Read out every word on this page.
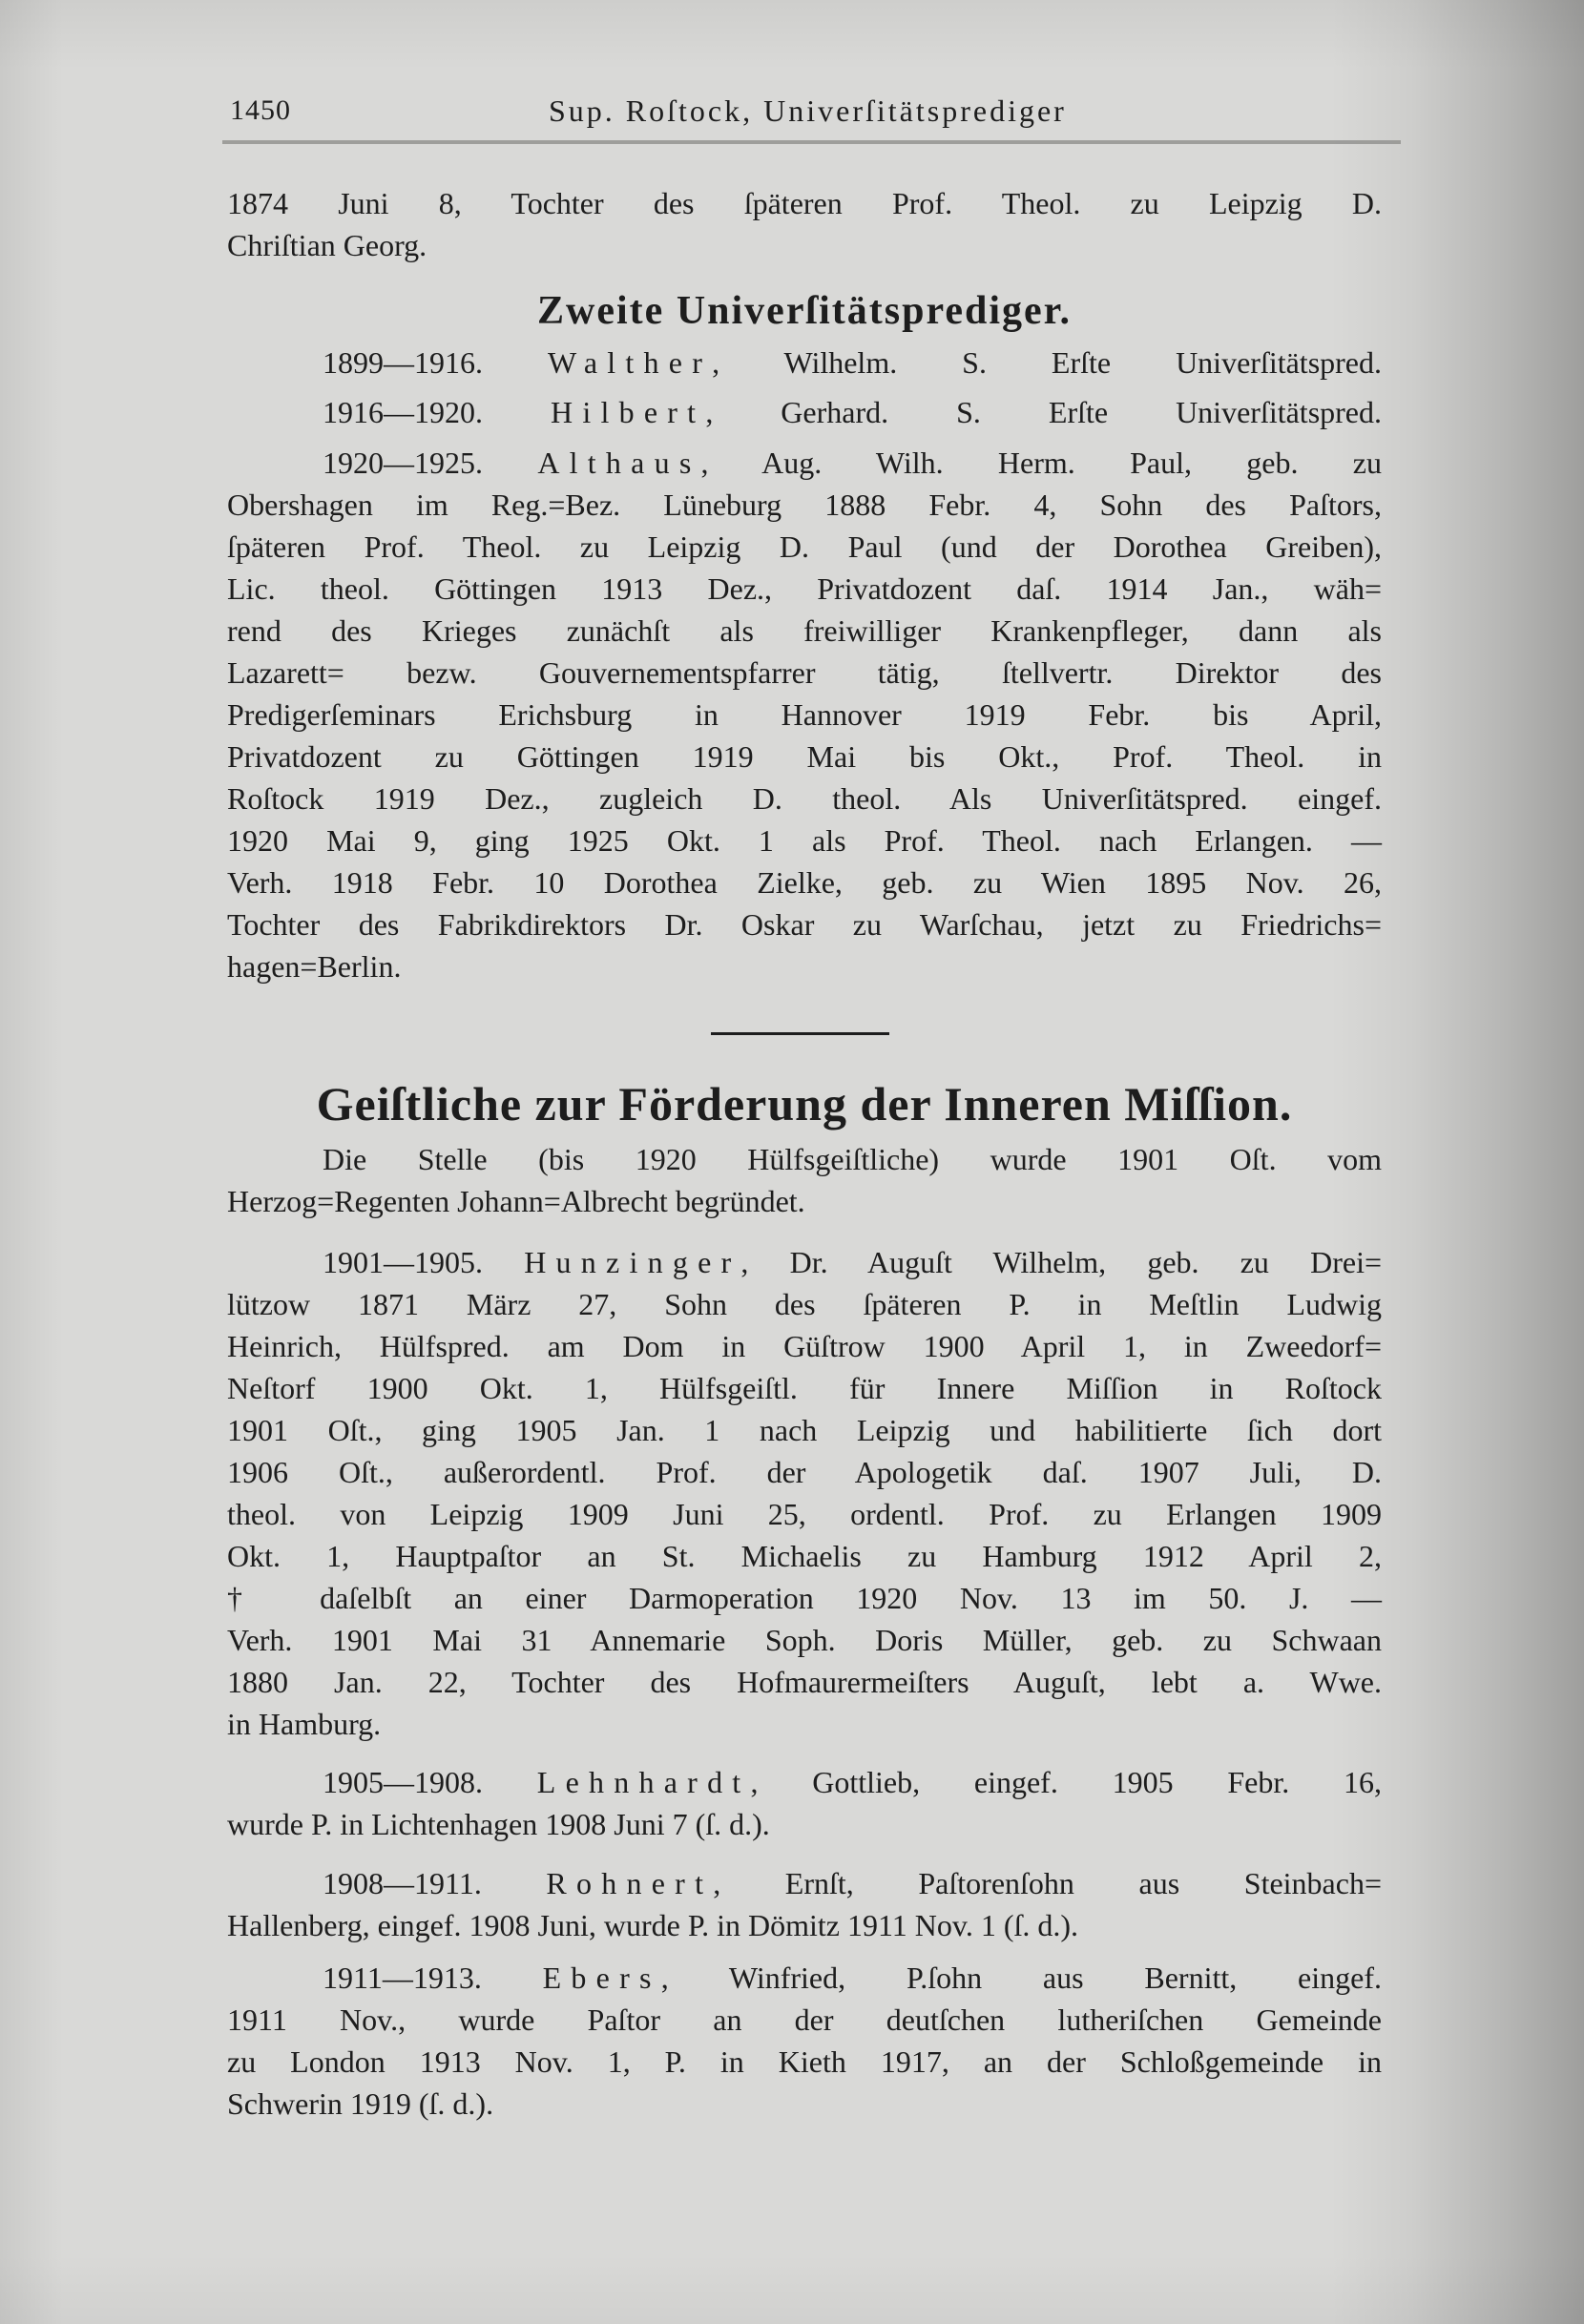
1450	Sup. Roſtock, Univerſitätsprediger
1874 Juni 8, Tochter des ſpäteren Prof. Theol. zu Leipzig D.
Chriſtian Georg.
Zweite Univerſitätsprediger.
1899—1916. Walther, Wilhelm. S. Erſte Univerſitätspred.
1916—1920. Hilbert, Gerhard. S. Erſte Univerſitätspred.
1920—1925. Althaus, Aug. Wilh. Herm. Paul, geb. zu
Obershagen im Reg.=Bez. Lüneburg 1888 Febr. 4, Sohn des Paſtors,
ſpäteren Prof. Theol. zu Leipzig D. Paul (und der Dorothea Greiben),
Lic. theol. Göttingen 1913 Dez., Privatdozent daſ. 1914 Jan., wäh=
rend des Krieges zunächſt als freiwilliger Krankenpfleger, dann als
Lazarett= bezw. Gouvernementspfarrer tätig, ſtellvertr. Direktor des
Predigerſeminars Erichsburg in Hannover 1919 Febr. bis April,
Privatdozent zu Göttingen 1919 Mai bis Okt., Prof. Theol. in
Roſtock 1919 Dez., zugleich D. theol. Als Univerſitätspred. eingef.
1920 Mai 9, ging 1925 Okt. 1 als Prof. Theol. nach Erlangen. —
Verh. 1918 Febr. 10 Dorothea Zielke, geb. zu Wien 1895 Nov. 26,
Tochter des Fabrikdirektors Dr. Oskar zu Warſchau, jetzt zu Friedrichs=
hagen=Berlin.
Geiſtliche zur Förderung der Inneren Miſſion.
Die Stelle (bis 1920 Hülfsgeiſtliche) wurde 1901 Oſt. vom
Herzog=Regenten Johann=Albrecht begründet.
1901—1905. Hunzinger, Dr. Auguſt Wilhelm, geb. zu Drei=
lützow 1871 März 27, Sohn des ſpäteren P. in Meſtlin Ludwig
Heinrich, Hülfspred. am Dom in Güſtrow 1900 April 1, in Zweedorf=
Neſtorf 1900 Okt. 1, Hülfsgeiſtl. für Innere Miſſion in Roſtock
1901 Oſt., ging 1905 Jan. 1 nach Leipzig und habilitierte ſich dort
1906 Oſt., außerordentl. Prof. der Apologetik daſ. 1907 Juli, D.
theol. von Leipzig 1909 Juni 25, ordentl. Prof. zu Erlangen 1909
Okt. 1, Hauptpaſtor an St. Michaelis zu Hamburg 1912 April 2,
† daſelbſt an einer Darmoperation 1920 Nov. 13 im 50. J. —
Verh. 1901 Mai 31 Annemarie Soph. Doris Müller, geb. zu Schwaan
1880 Jan. 22, Tochter des Hofmaurermeiſters Auguſt, lebt a. Wwe.
in Hamburg.
1905—1908. Lehnhardt, Gottlieb, eingef. 1905 Febr. 16,
wurde P. in Lichtenhagen 1908 Juni 7 (ſ. d.).
1908—1911. Rohnert, Ernſt, Paſtorenſohn aus Steinbach=
Hallenberg, eingef. 1908 Juni, wurde P. in Dömitz 1911 Nov. 1 (ſ. d.).
1911—1913. Ebers, Winfried, P.ſohn aus Bernitt, eingef.
1911 Nov., wurde Paſtor an der deutſchen lutheriſchen Gemeinde
zu London 1913 Nov. 1, P. in Kieth 1917, an der Schloßgemeinde in
Schwerin 1919 (ſ. d.).
